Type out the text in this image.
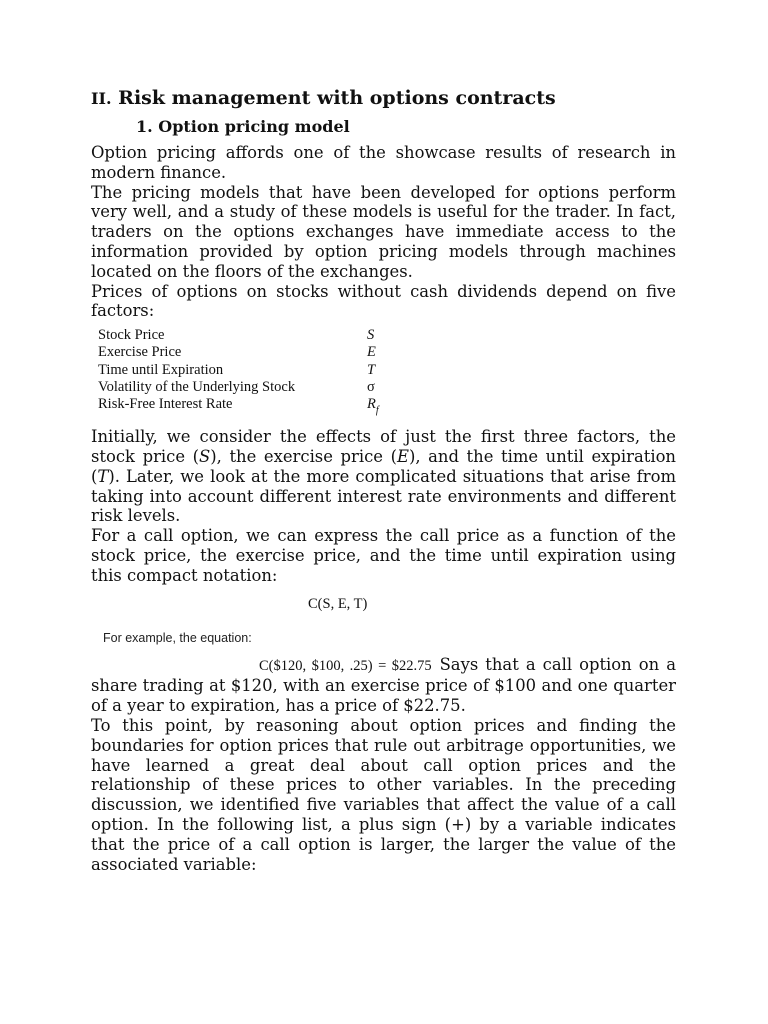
II. Risk management with options contracts
1. Option pricing model

Option pricing affords one of the showcase results of research in modern finance.

The pricing models that have been developed for options perform very well, and a study of these models is useful for the trader. In fact, traders on the options exchanges have immediate access to the information provided by option pricing models through machines located on the floors of the exchanges.

Prices of options on stocks without cash dividends depend on five factors:

Stock Price	S
Exercise Price	E
Time until Expiration	T
Volatility of the Underlying Stock	σ
Risk-Free Interest Rate	$R_f$

Initially, we consider the effects of just the first three factors, the stock price (S), the exercise price (E), and the time until expiration (T). Later, we look at the more complicated situations that arise from taking into account different interest rate environments and different risk levels.

For a call option, we can express the call price as a function of the stock price, the exercise price, and the time until expiration using this compact notation:

C(S, E, T)
For example, the equation:

C($120, $100, .25) = $22.75 Says that a call option on a share trading at $120, with an exercise price of $100 and one quarter of a year to expiration, has a price of $22.75.

To this point, by reasoning about option prices and finding the boundaries for option prices that rule out arbitrage opportunities, we have learned a great deal about call option prices and the relationship of these prices to other variables. In the preceding discussion, we identified five variables that affect the value of a call option. In the following list, a plus sign (+) by a variable indicates that the price of a call option is larger, the larger the value of the associated variable:
